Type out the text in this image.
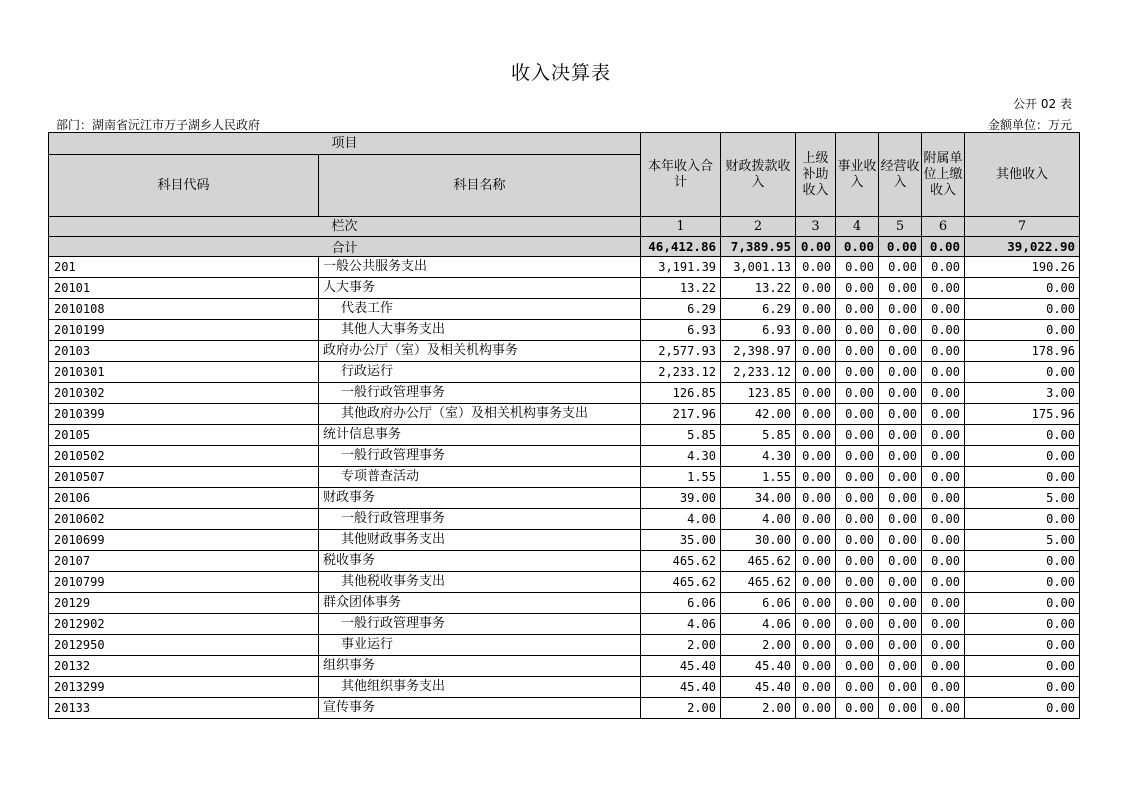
收入决算表
公开 02 表
部门：湖南省沅江市万子湖乡人民政府	金额单位：万元
项目		本年收入合计	财政拨款收入	上级补助收入	事业收入	经营收入	附属单位上缴收入	其他收入
科目代码	科目名称							
栏次		1	2	3	4	5	6	7
合计		46,412.86	7,389.95	0.00	0.00	0.00	0.00	39,022.90
201	一般公共服务支出	3,191.39	3,001.13	0.00	0.00	0.00	0.00	190.26
20101	人大事务	13.22	13.22	0.00	0.00	0.00	0.00	0.00
2010108	代表工作	6.29	6.29	0.00	0.00	0.00	0.00	0.00
2010199	其他人大事务支出	6.93	6.93	0.00	0.00	0.00	0.00	0.00
20103	政府办公厅（室）及相关机构事务	2,577.93	2,398.97	0.00	0.00	0.00	0.00	178.96
2010301	行政运行	2,233.12	2,233.12	0.00	0.00	0.00	0.00	0.00
2010302	一般行政管理事务	126.85	123.85	0.00	0.00	0.00	0.00	3.00
2010399	其他政府办公厅（室）及相关机构事务支出	217.96	42.00	0.00	0.00	0.00	0.00	175.96
20105	统计信息事务	5.85	5.85	0.00	0.00	0.00	0.00	0.00
2010502	一般行政管理事务	4.30	4.30	0.00	0.00	0.00	0.00	0.00
2010507	专项普查活动	1.55	1.55	0.00	0.00	0.00	0.00	0.00
20106	财政事务	39.00	34.00	0.00	0.00	0.00	0.00	5.00
2010602	一般行政管理事务	4.00	4.00	0.00	0.00	0.00	0.00	0.00
2010699	其他财政事务支出	35.00	30.00	0.00	0.00	0.00	0.00	5.00
20107	税收事务	465.62	465.62	0.00	0.00	0.00	0.00	0.00
2010799	其他税收事务支出	465.62	465.62	0.00	0.00	0.00	0.00	0.00
20129	群众团体事务	6.06	6.06	0.00	0.00	0.00	0.00	0.00
2012902	一般行政管理事务	4.06	4.06	0.00	0.00	0.00	0.00	0.00
2012950	事业运行	2.00	2.00	0.00	0.00	0.00	0.00	0.00
20132	组织事务	45.40	45.40	0.00	0.00	0.00	0.00	0.00
2013299	其他组织事务支出	45.40	45.40	0.00	0.00	0.00	0.00	0.00
20133	宣传事务	2.00	2.00	0.00	0.00	0.00	0.00	0.00
